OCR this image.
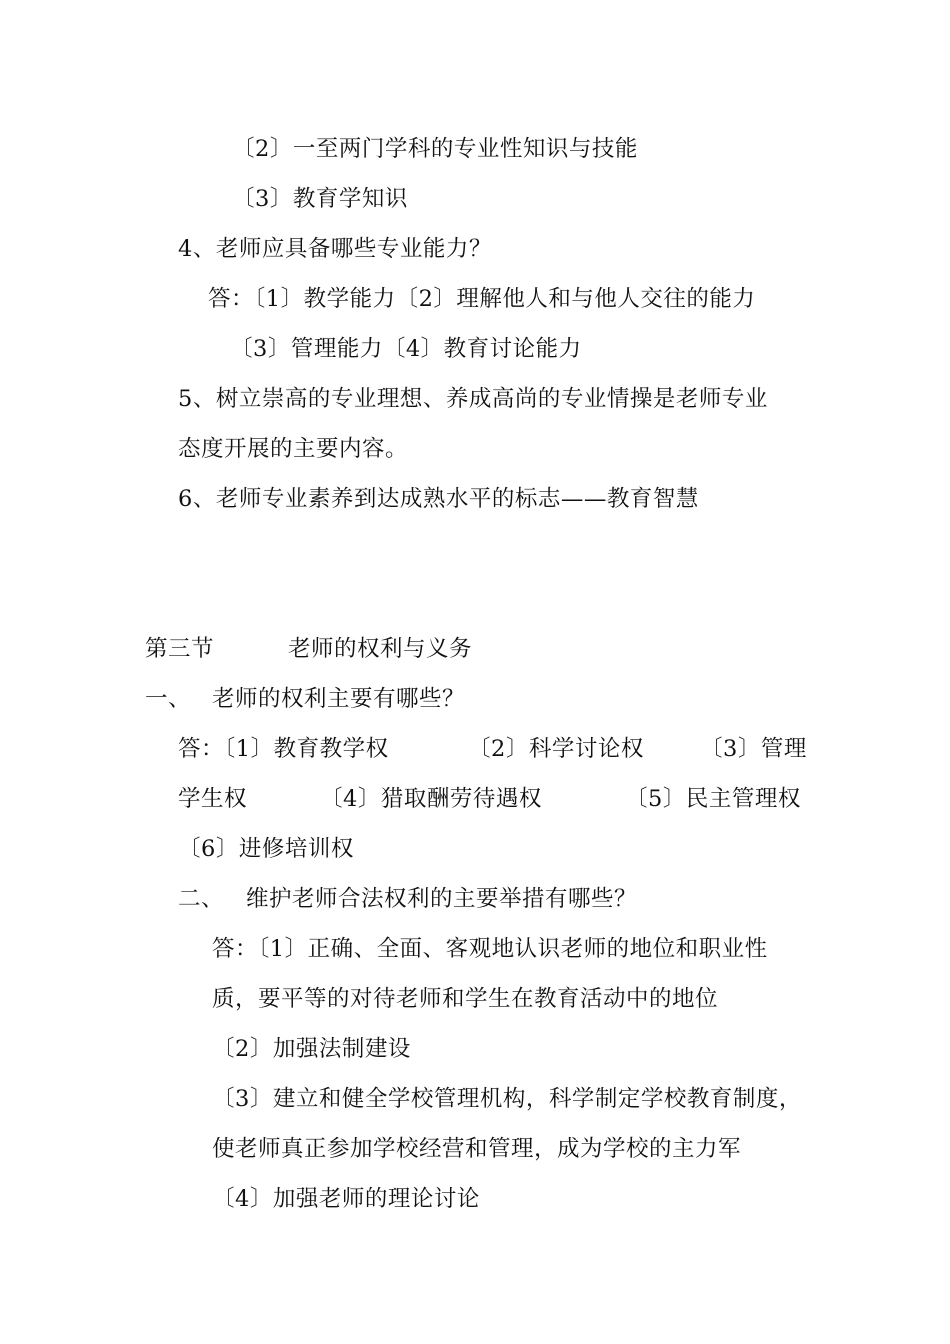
〔2〕一至两门学科的专业性知识与技能
〔3〕教育学知识
4、老师应具备哪些专业能力？
答：〔1〕教学能力〔2〕理解他人和与他人交往的能力
〔3〕管理能力〔4〕教育讨论能力
5、树立崇高的专业理想、养成高尚的专业情操是老师专业
态度开展的主要内容。
6、老师专业素养到达成熟水平的标志——教育智慧
第三节	老师的权利与义务
一、 老师的权利主要有哪些？
答：〔1〕教育教学权	〔2〕科学讨论权 〔3〕管理
学生权	〔4〕猎取酬劳待遇权	〔5〕民主管理权
〔6〕进修培训权
二、 维护老师合法权利的主要举措有哪些？
答：〔1〕正确、全面、客观地认识老师的地位和职业性
质，要平等的对待老师和学生在教育活动中的地位
〔2〕加强法制建设
〔3〕建立和健全学校管理机构，科学制定学校教育制度，
使老师真正参加学校经营和管理，成为学校的主力军
〔4〕加强老师的理论讨论
